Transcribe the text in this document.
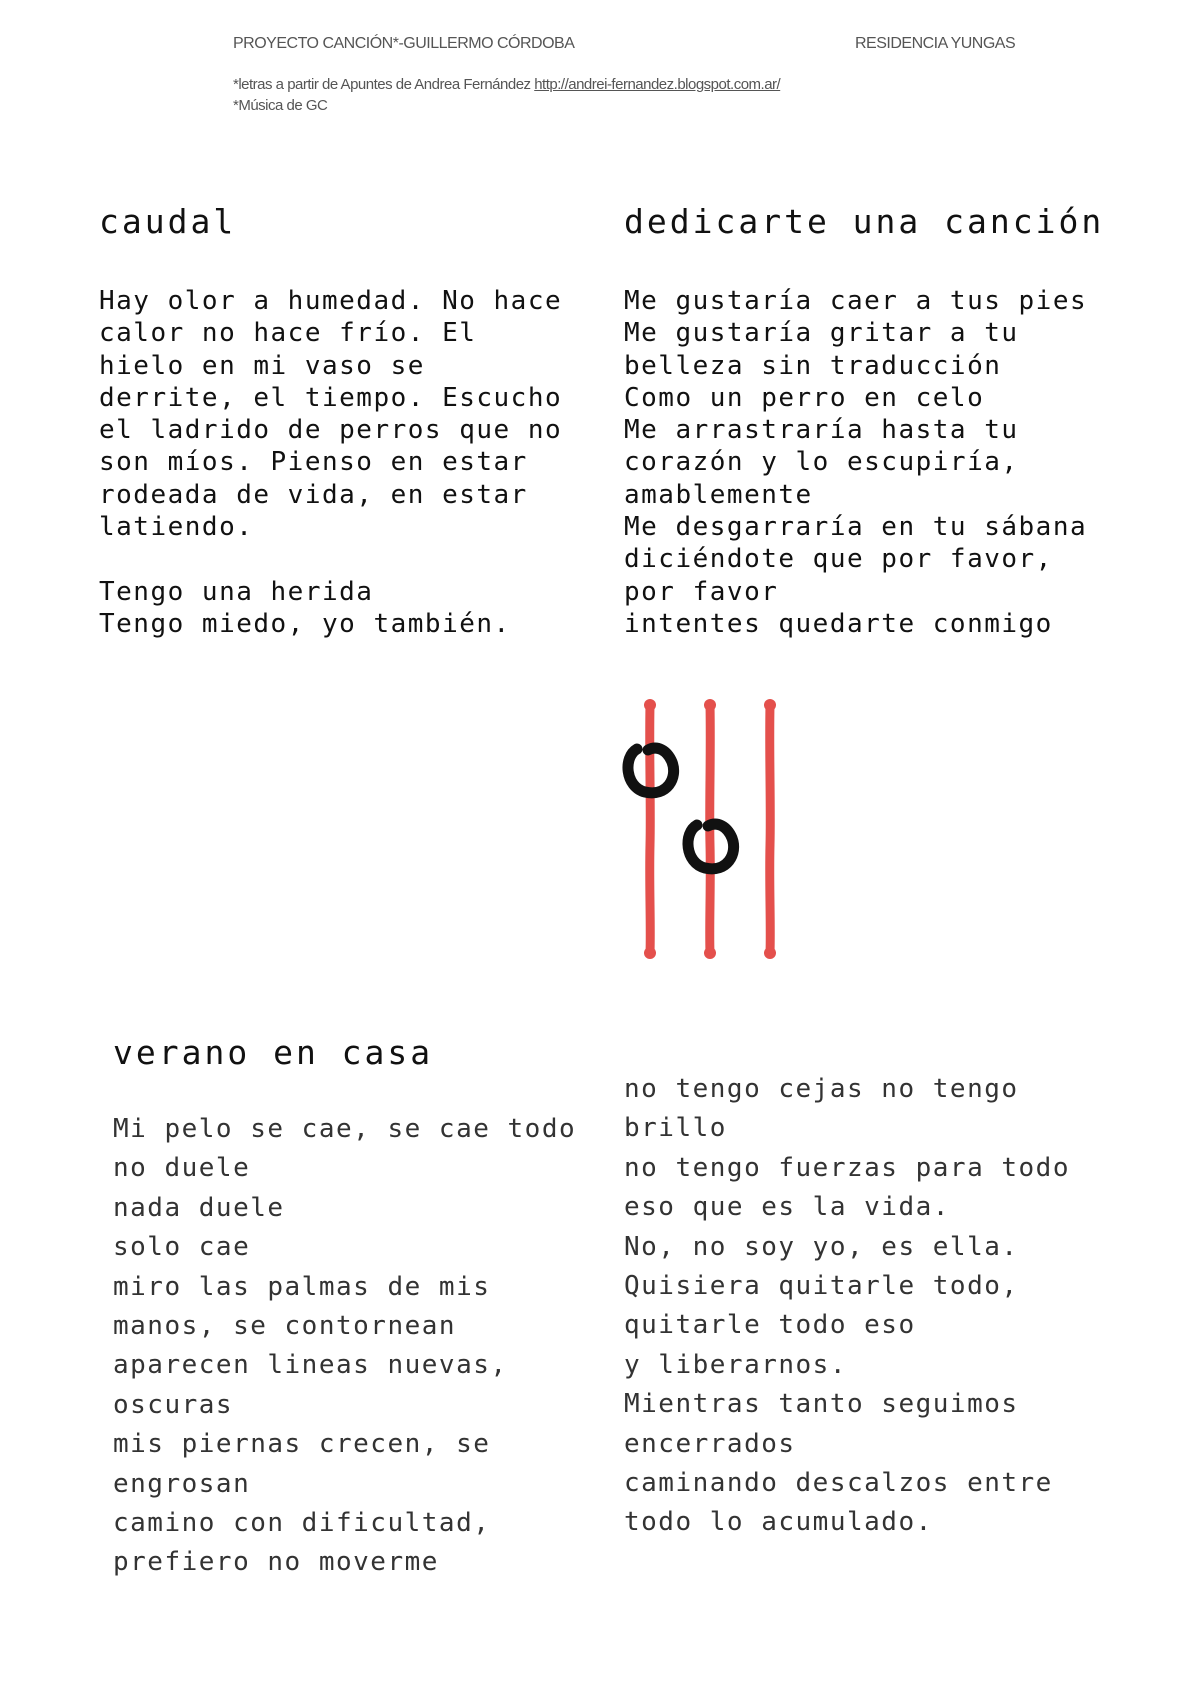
PROYECTO CANCIÓN*-GUILLERMO CÓRDOBA	RESIDENCIA YUNGAS
*letras a partir de Apuntes de Andrea Fernández http://andrei-fernandez.blogspot.com.ar/
*Música de GC
caudal
Hay olor a humedad. No hace
calor no hace frío. El
hielo en mi vaso se
derrite, el tiempo. Escucho
el ladrido de perros que no
son míos. Pienso en estar
rodeada de vida, en estar
latiendo.
Tengo una herida
Tengo miedo, yo también.
dedicarte una canción
Me gustaría caer a tus pies
Me gustaría gritar a tu
belleza sin traducción
Como un perro en celo
Me arrastraría hasta tu
corazón y lo escupiría,
amablemente
Me desgarraría en tu sábana
diciéndote que por favor,
por favor
intentes quedarte conmigo
verano en casa
Mi pelo se cae, se cae todo
no duele
nada duele
solo cae
miro las palmas de mis
manos, se contornean
aparecen lineas nuevas,
oscuras
mis piernas crecen, se
engrosan
camino con dificultad,
prefiero no moverme
no tengo cejas no tengo
brillo
no tengo fuerzas para todo
eso que es la vida.
No, no soy yo, es ella.
Quisiera quitarle todo,
quitarle todo eso
y liberarnos.
Mientras tanto seguimos
encerrados
caminando descalzos entre
todo lo acumulado.
